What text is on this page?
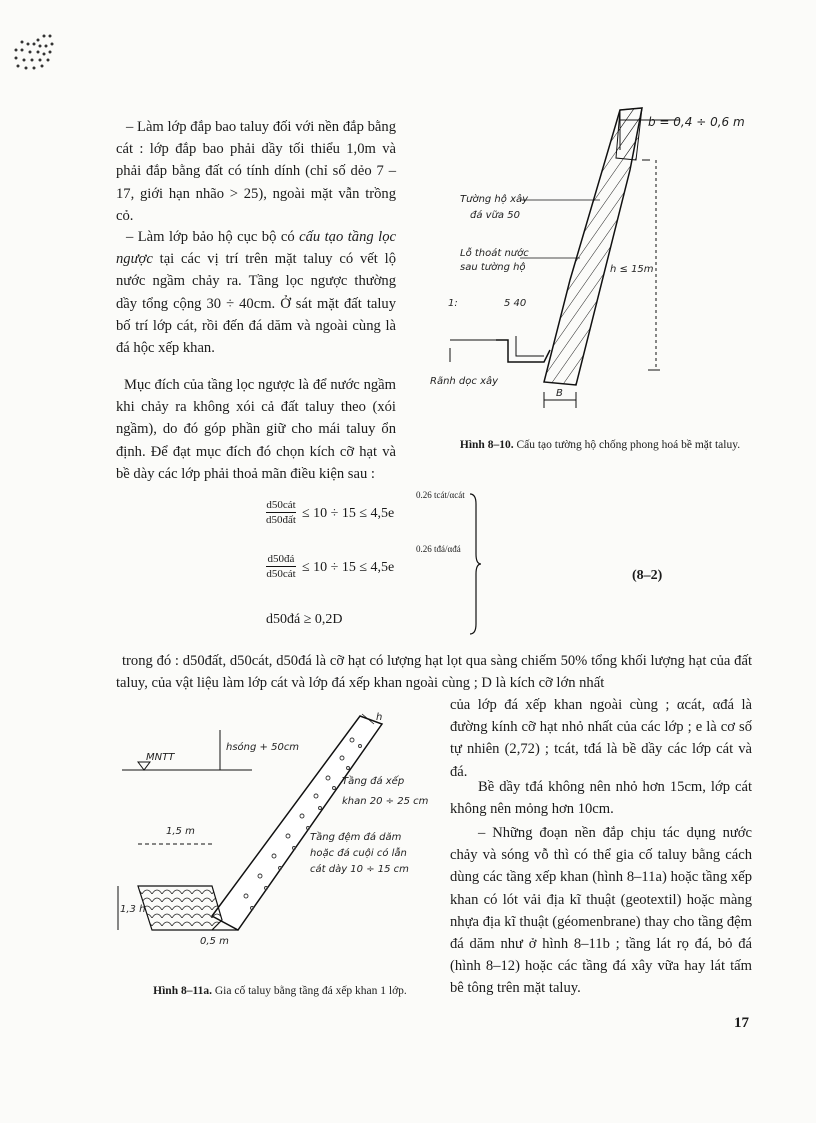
– Làm lớp đắp bao taluy đối với nền đắp bằng cát : lớp đắp bao phải dầy tối thiểu 1,0m và phải đắp bằng đất có tính dính (chỉ số dẻo 7 – 17, giới hạn nhão > 25), ngoài mặt vẫn trồng cỏ.
– Làm lớp bảo hộ cục bộ có cấu tạo tầng lọc ngược tại các vị trí trên mặt taluy có vết lộ nước ngầm chảy ra. Tầng lọc ngược thường dầy tổng cộng 30 ÷ 40cm. Ở sát mặt đất taluy bố trí lớp cát, rồi đến đá dăm và ngoài cùng là đá hộc xếp khan.
Mục đích của tầng lọc ngược là để nước ngầm khi chảy ra không xói cả đất taluy theo (xói ngầm), do đó góp phần giữ cho mái taluy ổn định. Để đạt mục đích đó chọn kích cỡ hạt và bề dày các lớp phải thoả mãn điều kiện sau :
b = 0,4 ÷ 0,6 m
h ≤ 15m
Tường hộ xây
đá vữa 50
Lỗ thoát nước
sau tường hộ
1:	5 40
Rãnh dọc xây
B
Hình 8–10. Cấu tạo tường hộ chống phong hoá bề mặt taluy.
d50cát
d50đất ≤ 10 ÷ 15 ≤ 4,5e
0.26 tcát/αcát
d50đá
d50cát ≤ 10 ÷ 15 ≤ 4,5e
0.26 tđá/αđá
d50đá ≥ 0,2D
(8–2)
trong đó : d50đất, d50cát, d50đá là cỡ hạt có lượng hạt lọt qua sàng chiếm 50% tổng khối lượng hạt của đất taluy, của vật liệu làm lớp cát và lớp đá xếp khan ngoài cùng ; D là kích cỡ lớn nhất
MNTT
hsóng + 50cm
h
Tầng đá xếp
khan 20 ÷ 25 cm
Tầng đệm đá dăm
hoặc đá cuội có lẫn
cát dày 10 ÷ 15 cm
1,5 m
1,3 h
0,5 m
Hình 8–11a. Gia cố taluy bằng tầng đá xếp khan 1 lớp.
của lớp đá xếp khan ngoài cùng ; αcát, αđá là đường kính cỡ hạt nhỏ nhất của các lớp ; e là cơ số tự nhiên (2,72) ; tcát, tđá là bề dầy các lớp cát và đá.
Bề dầy tđá không nên nhỏ hơn 15cm, lớp cát không nên mỏng hơn 10cm.
– Những đoạn nền đắp chịu tác dụng nước chảy và sóng vỗ thì có thể gia cố taluy bằng cách dùng các tầng xếp khan (hình 8–11a) hoặc tầng xếp khan có lót vải địa kĩ thuật (geotextil) hoặc màng nhựa địa kĩ thuật (géomenbrane) thay cho tầng đệm đá dăm như ở hình 8–11b ; tầng lát rọ đá, bỏ đá (hình 8–12) hoặc các tầng đá xây vữa hay lát tấm bê tông trên mặt taluy.
17
